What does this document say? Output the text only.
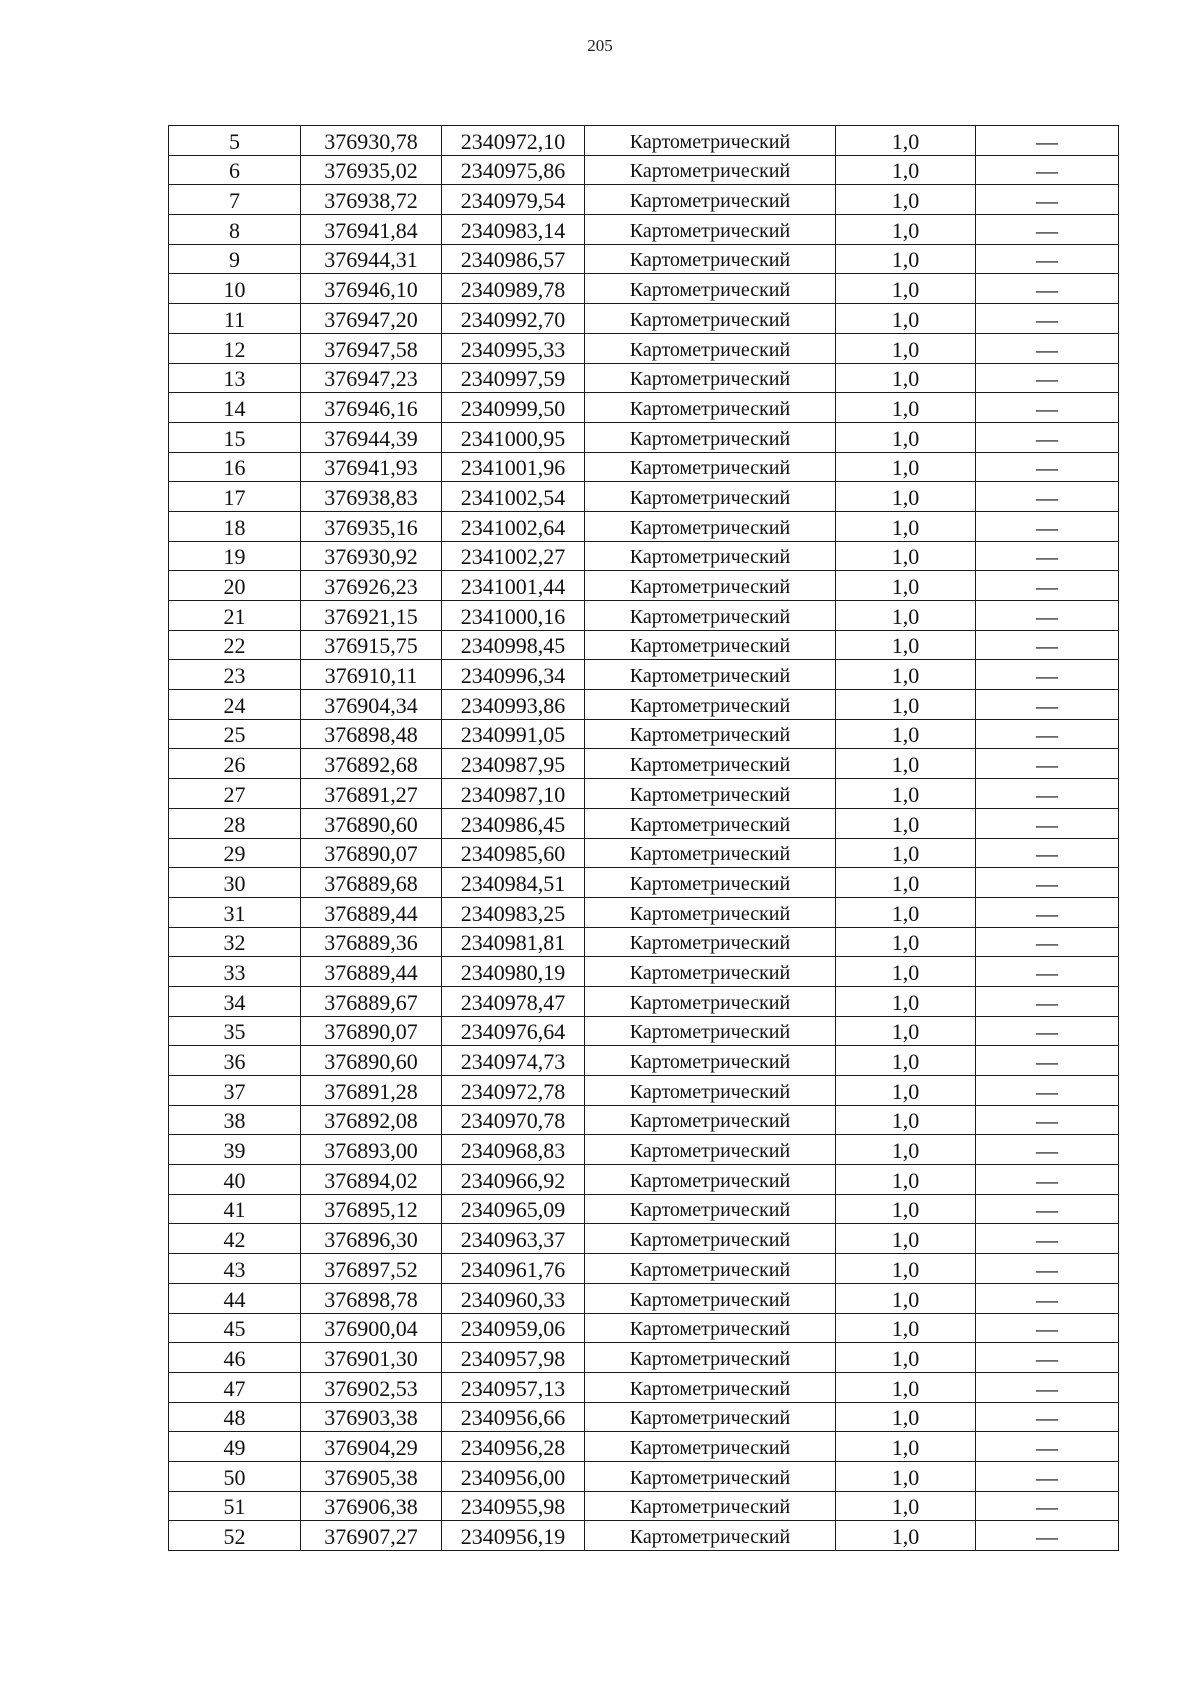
205
5	376930,78	2340972,10	Картометрический	1,0	—
6	376935,02	2340975,86	Картометрический	1,0	—
7	376938,72	2340979,54	Картометрический	1,0	—
8	376941,84	2340983,14	Картометрический	1,0	—
9	376944,31	2340986,57	Картометрический	1,0	—
10	376946,10	2340989,78	Картометрический	1,0	—
11	376947,20	2340992,70	Картометрический	1,0	—
12	376947,58	2340995,33	Картометрический	1,0	—
13	376947,23	2340997,59	Картометрический	1,0	—
14	376946,16	2340999,50	Картометрический	1,0	—
15	376944,39	2341000,95	Картометрический	1,0	—
16	376941,93	2341001,96	Картометрический	1,0	—
17	376938,83	2341002,54	Картометрический	1,0	—
18	376935,16	2341002,64	Картометрический	1,0	—
19	376930,92	2341002,27	Картометрический	1,0	—
20	376926,23	2341001,44	Картометрический	1,0	—
21	376921,15	2341000,16	Картометрический	1,0	—
22	376915,75	2340998,45	Картометрический	1,0	—
23	376910,11	2340996,34	Картометрический	1,0	—
24	376904,34	2340993,86	Картометрический	1,0	—
25	376898,48	2340991,05	Картометрический	1,0	—
26	376892,68	2340987,95	Картометрический	1,0	—
27	376891,27	2340987,10	Картометрический	1,0	—
28	376890,60	2340986,45	Картометрический	1,0	—
29	376890,07	2340985,60	Картометрический	1,0	—
30	376889,68	2340984,51	Картометрический	1,0	—
31	376889,44	2340983,25	Картометрический	1,0	—
32	376889,36	2340981,81	Картометрический	1,0	—
33	376889,44	2340980,19	Картометрический	1,0	—
34	376889,67	2340978,47	Картометрический	1,0	—
35	376890,07	2340976,64	Картометрический	1,0	—
36	376890,60	2340974,73	Картометрический	1,0	—
37	376891,28	2340972,78	Картометрический	1,0	—
38	376892,08	2340970,78	Картометрический	1,0	—
39	376893,00	2340968,83	Картометрический	1,0	—
40	376894,02	2340966,92	Картометрический	1,0	—
41	376895,12	2340965,09	Картометрический	1,0	—
42	376896,30	2340963,37	Картометрический	1,0	—
43	376897,52	2340961,76	Картометрический	1,0	—
44	376898,78	2340960,33	Картометрический	1,0	—
45	376900,04	2340959,06	Картометрический	1,0	—
46	376901,30	2340957,98	Картометрический	1,0	—
47	376902,53	2340957,13	Картометрический	1,0	—
48	376903,38	2340956,66	Картометрический	1,0	—
49	376904,29	2340956,28	Картометрический	1,0	—
50	376905,38	2340956,00	Картометрический	1,0	—
51	376906,38	2340955,98	Картометрический	1,0	—
52	376907,27	2340956,19	Картометрический	1,0	—
